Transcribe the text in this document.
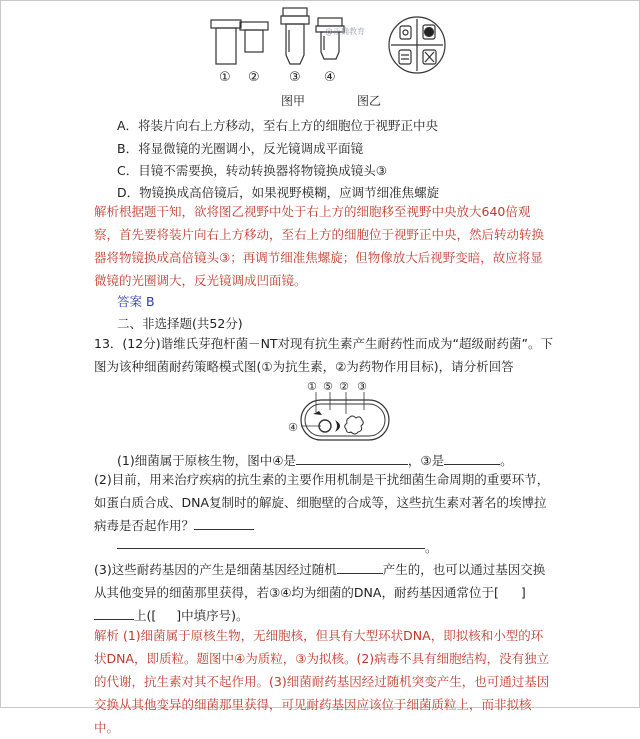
@正确教育
① ② ③ ④
图甲	图乙
A．将装片向右上方移动，至右上方的细胞位于视野正中央
B．将显微镜的光圈调小，反光镜调成平面镜
C．目镜不需要换，转动转换器将物镜换成镜头③
D．物镜换成高倍镜后，如果视野模糊，应调节细准焦螺旋
解析根据题干知，欲将图乙视野中处于右上方的细胞移至视野中央放大640倍观察，首先要将装片向右上方移动，至右上方的细胞位于视野正中央，然后转动转换器将物镜换成高倍镜头③；再调节细准焦螺旋；但物像放大后视野变暗，故应将显微镜的光圈调大，反光镜调成凹面镜。
答案 B
二、非选择题(共52分)
13．(12分)谐维氏芽孢杆菌－NT对现有抗生素产生耐药性而成为“超级耐药菌”。下图为该种细菌耐药策略模式图(①为抗生素，②为药物作用目标)，请分析回答
① ⑤ ② ③
④
(1)细菌属于原核生物，图中④是	，③是	。
(2)目前，用来治疗疾病的抗生素的主要作用机制是干扰细菌生命周期的重要环节，如蛋白质合成、DNA复制时的解旋、细胞壁的合成等，这些抗生素对著名的埃博拉病毒是否起作用？
。
(3)这些耐药基因的产生是细菌基因经过随机	产生的，也可以通过基因交换从其他变异的细菌那里获得，若③④均为细菌的DNA，耐药基因通常位于[ ]上([ ]中填序号)。
解析 (1)细菌属于原核生物，无细胞核，但具有大型环状DNA，即拟核和小型的环状DNA，即质粒。题图中④为质粒，③为拟核。(2)病毒不具有细胞结构，没有独立的代谢，抗生素对其不起作用。(3)细菌耐药基因经过随机突变产生，也可通过基因交换从其他变异的细菌那里获得，可见耐药基因应该位于细菌质粒上，而非拟核中。
